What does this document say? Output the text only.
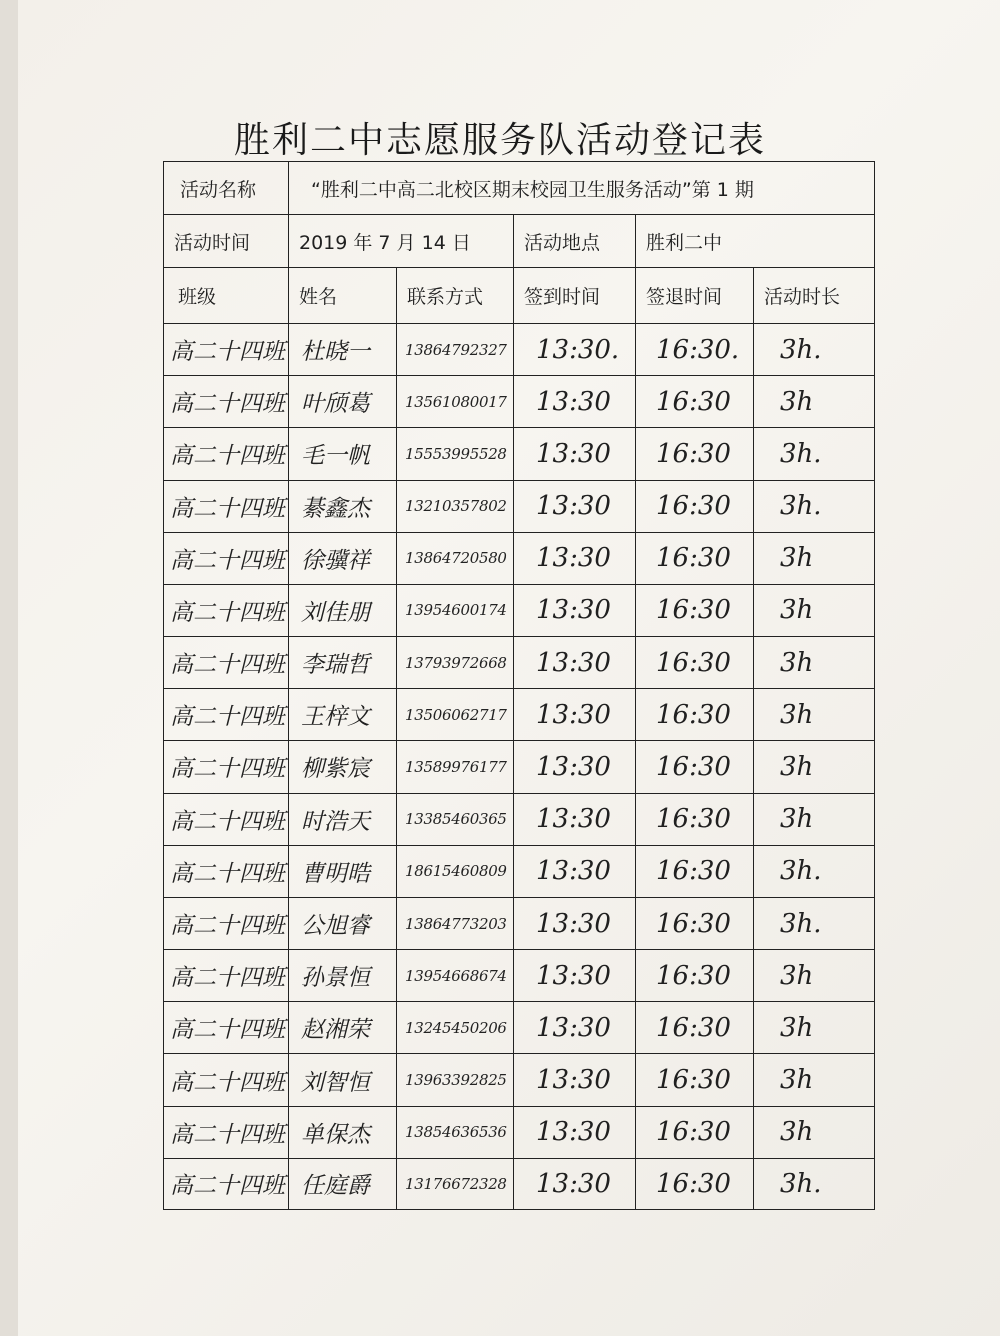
胜利二中志愿服务队活动登记表
活动名称	“胜利二中高二北校区期末校园卫生服务活动”第 1 期
活动时间	2019 年 7 月 14 日	活动地点	胜利二中
班级	姓名	联系方式	签到时间	签退时间	活动时长
高二十四班 杜晓一	13864792327	13:30.	16:30.	3h.
高二十四班 叶颀葛	13561080017	13:30	16:30	3h
高二十四班 毛一帆	15553995528	13:30	16:30	3h.
高二十四班 綦鑫杰	13210357802	13:30	16:30	3h.
高二十四班 徐骥祥	13864720580	13:30	16:30	3h
高二十四班 刘佳朋	13954600174	13:30	16:30	3h
高二十四班 李瑞哲	13793972668	13:30	16:30	3h
高二十四班 王梓文	13506062717	13:30	16:30	3h
高二十四班 柳紫宸	13589976177	13:30	16:30	3h
高二十四班 时浩天	13385460365	13:30	16:30	3h
高二十四班 曹明晧	18615460809	13:30	16:30	3h.
高二十四班 公旭睿	13864773203	13:30	16:30	3h.
高二十四班 孙景恒	13954668674	13:30	16:30	3h
高二十四班 赵湘荣	13245450206	13:30	16:30	3h
高二十四班 刘智恒	13963392825	13:30	16:30	3h
高二十四班 单保杰	13854636536	13:30	16:30	3h
高二十四班 任庭爵	13176672328	13:30	16:30	3h.
